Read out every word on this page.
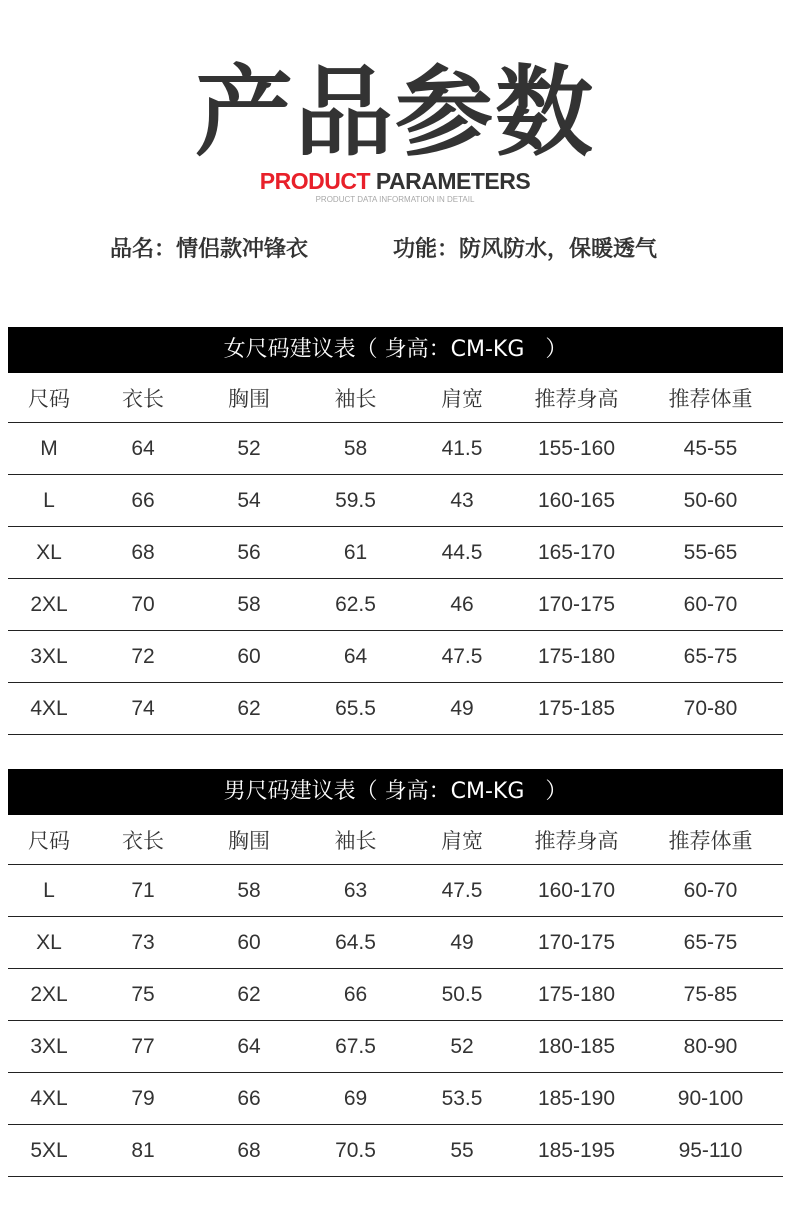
产品参数
PRODUCT PARAMETERS
PRODUCT DATA INFORMATION IN DETAIL
品名：情侣款冲锋衣	功能：防风防水，保暖透气
女尺码建议表（ 身高：CM-KG   ）
尺码	衣长	胸围	袖长	肩宽	推荐身高	推荐体重
M	64	52	58	41.5	155-160	45-55
L	66	54	59.5	43	160-165	50-60
XL	68	56	61	44.5	165-170	55-65
2XL	70	58	62.5	46	170-175	60-70
3XL	72	60	64	47.5	175-180	65-75
4XL	74	62	65.5	49	175-185	70-80
男尺码建议表（ 身高：CM-KG   ）
尺码	衣长	胸围	袖长	肩宽	推荐身高	推荐体重
L	71	58	63	47.5	160-170	60-70
XL	73	60	64.5	49	170-175	65-75
2XL	75	62	66	50.5	175-180	75-85
3XL	77	64	67.5	52	180-185	80-90
4XL	79	66	69	53.5	185-190	90-100
5XL	81	68	70.5	55	185-195	95-110
